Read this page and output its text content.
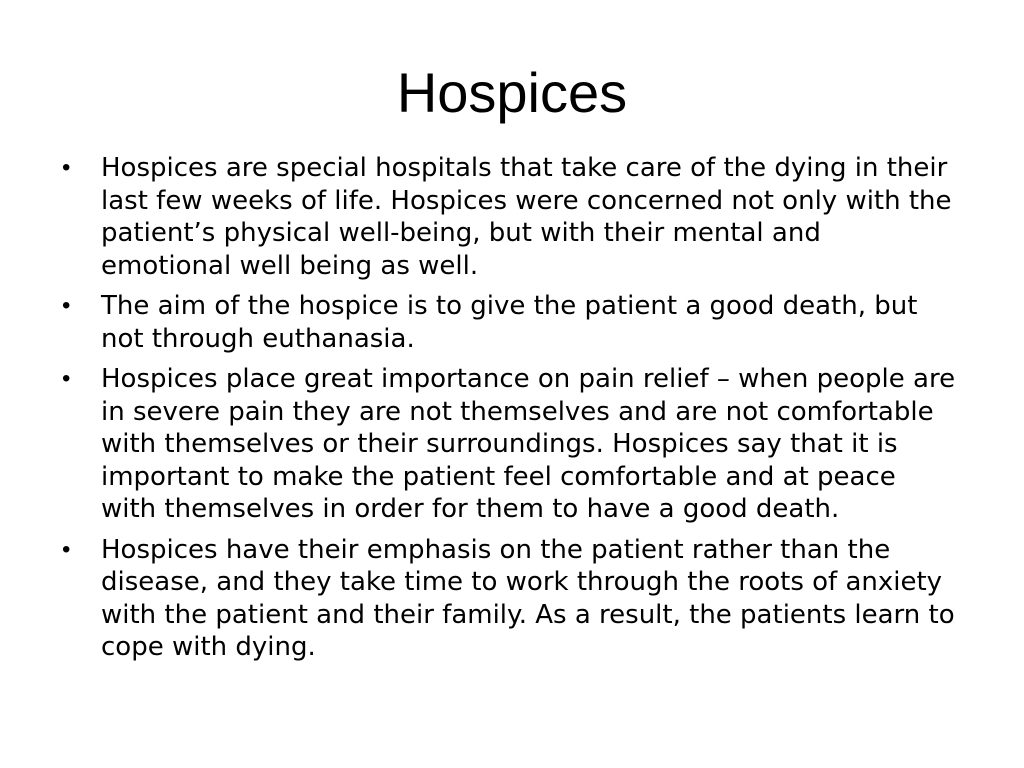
Hospices
• Hospices are special hospitals that take care of the dying in their last few weeks of life. Hospices were concerned not only with the patient’s physical well-being, but with their mental and emotional well being as well.
• The aim of the hospice is to give the patient a good death, but not through euthanasia.
• Hospices place great importance on pain relief – when people are in severe pain they are not themselves and are not comfortable with themselves or their surroundings. Hospices say that it is important to make the patient feel comfortable and at peace with themselves in order for them to have a good death.
• Hospices have their emphasis on the patient rather than the disease, and they take time to work through the roots of anxiety with the patient and their family. As a result, the patients learn to cope with dying.
